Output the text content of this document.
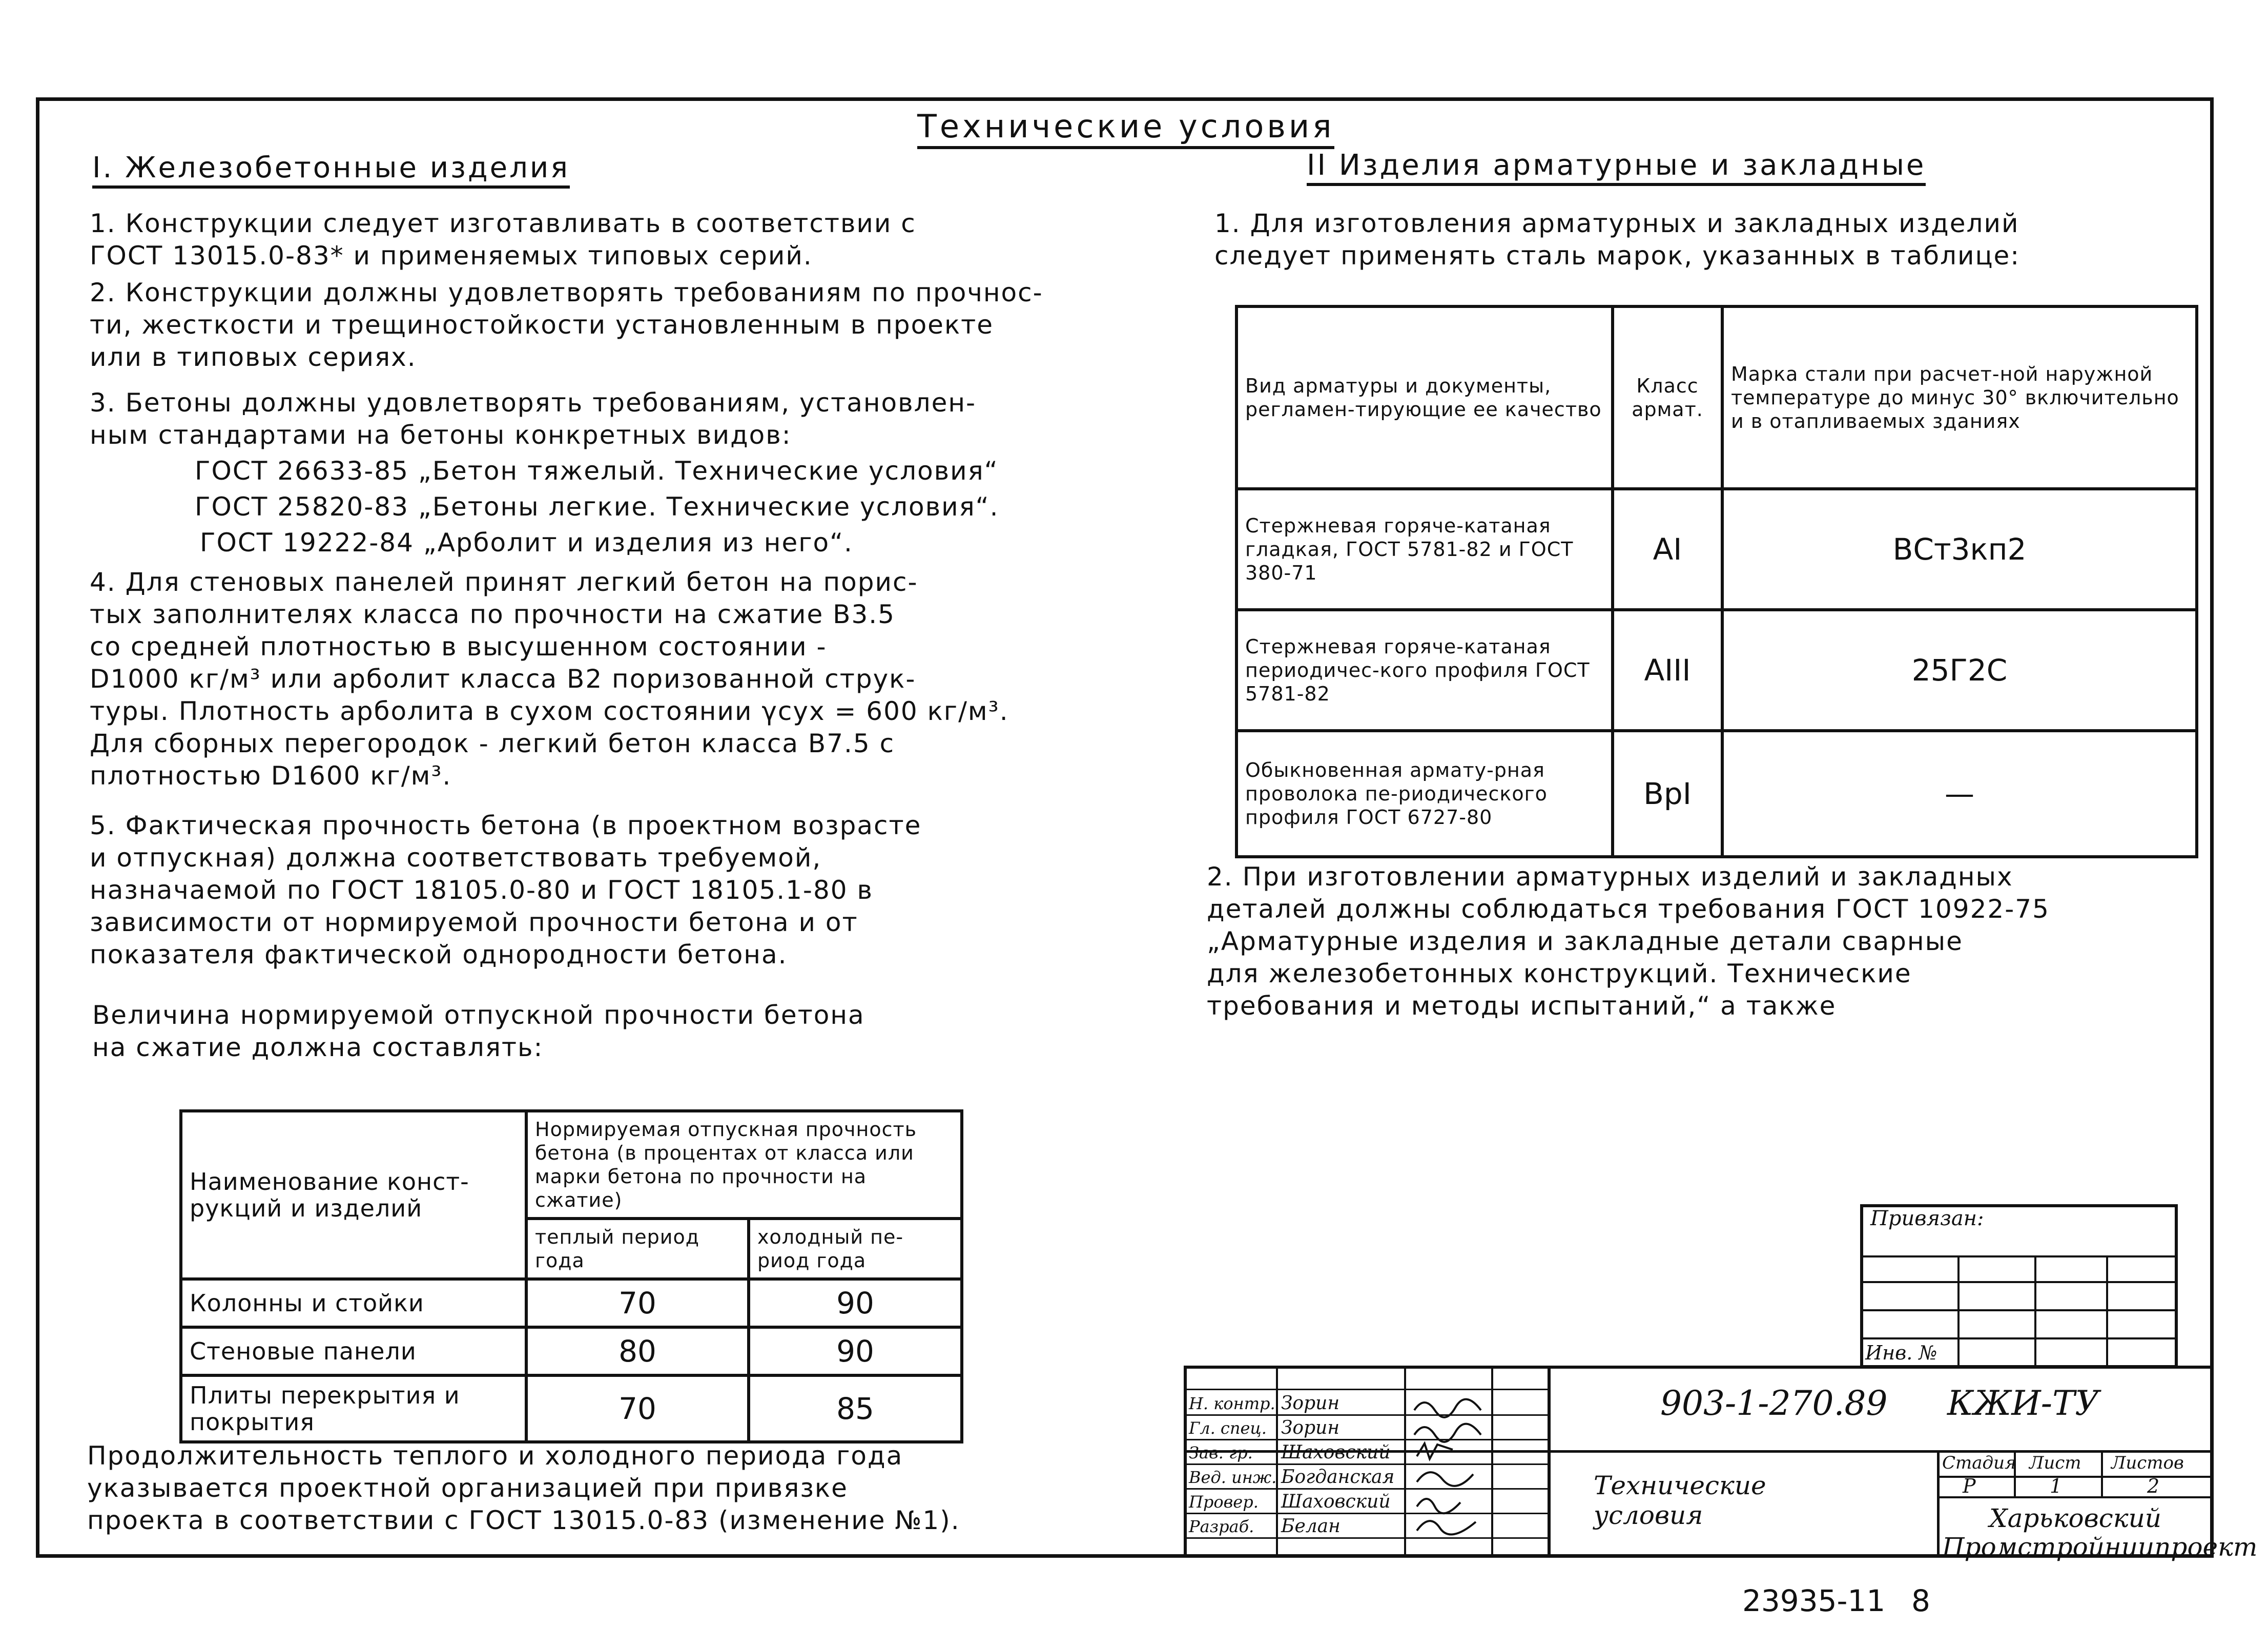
Технические условия
I. Железобетонные изделия
1. Конструкции следует изготавливать в соответствии с
ГОСТ 13015.0-83* и применяемых типовых серий.
2. Конструкции должны удовлетворять требованиям по прочнос-
ти, жесткости и трещиностойкости установленным в проекте
или в типовых сериях.
3. Бетоны должны удовлетворять требованиям, установлен-
ным стандартами на бетоны конкретных видов:
ГОСТ 26633-85 „Бетон тяжелый. Технические условия“
ГОСТ 25820-83 „Бетоны легкие. Технические условия“.
ГОСТ 19222-84 „Арболит и изделия из него“.
4. Для стеновых панелей принят легкий бетон на порис-
тых заполнителях класса по прочности на сжатие В3.5
со средней плотностью в высушенном состоянии -
D1000 кг/м³ или арболит класса В2 поризованной струк-
туры. Плотность арболита в сухом состоянии γсух = 600 кг/м³.
Для сборных перегородок - легкий бетон класса В7.5 с
плотностью D1600 кг/м³.
5. Фактическая прочность бетона (в проектном возрасте
и отпускная) должна соответствовать требуемой,
назначаемой по ГОСТ 18105.0-80 и ГОСТ 18105.1-80 в
зависимости от нормируемой прочности бетона и от
показателя фактической однородности бетона.
Величина нормируемой отпускной прочности бетона
на сжатие должна составлять:
Наименование конст-рукций и изделий	Нормируемая отпускная прочность бетона (в процентах от класса или марки бетона по прочности на сжатие)	
	теплый период года	холодный пе-риод года
Колонны и стойки	70	90
Стеновые панели	80	90
Плиты перекрытия и покрытия	70	85
Продолжительность теплого и холодного периода года
указывается проектной организацией при привязке
проекта в соответствии с ГОСТ 13015.0-83 (изменение №1).
II Изделия арматурные и закладные
1. Для изготовления арматурных и закладных изделий
следует применять сталь марок, указанных в таблице:
Вид арматуры и документы, регламен-тирующие ее качество	Класс армат.	Марка стали при расчет-ной наружной температуре до минус 30° включительно и в отапливаемых зданиях
Стержневая горяче-катаная гладкая, ГОСТ 5781-82 и ГОСТ 380-71	AI	ВСт3кп2
Стержневая горяче-катаная периодичес-кого профиля ГОСТ 5781-82	AIII	25Г2С
Обыкновенная армату-рная проволока пе-риодического профиля ГОСТ 6727-80	ВрI	—
2. При изготовлении арматурных изделий и закладных
деталей должны соблюдаться требования ГОСТ 10922-75
„Арматурные изделия и закладные детали сварные
для железобетонных конструкций. Технические
требования и методы испытаний,“ а также
Привязан:
Инв. №
903-1-270.89 КЖИ-ТУ
Технические условия
Стадия Лист Листов
Р	1	2
Харьковский Промстройниипроект
Н. контр. Зорин
Гл. спец. Зорин
Зав. гр. Шаховский
Вед. инж. Богданская
Провер. Шаховский
Разраб. Белан
23935-11 8
